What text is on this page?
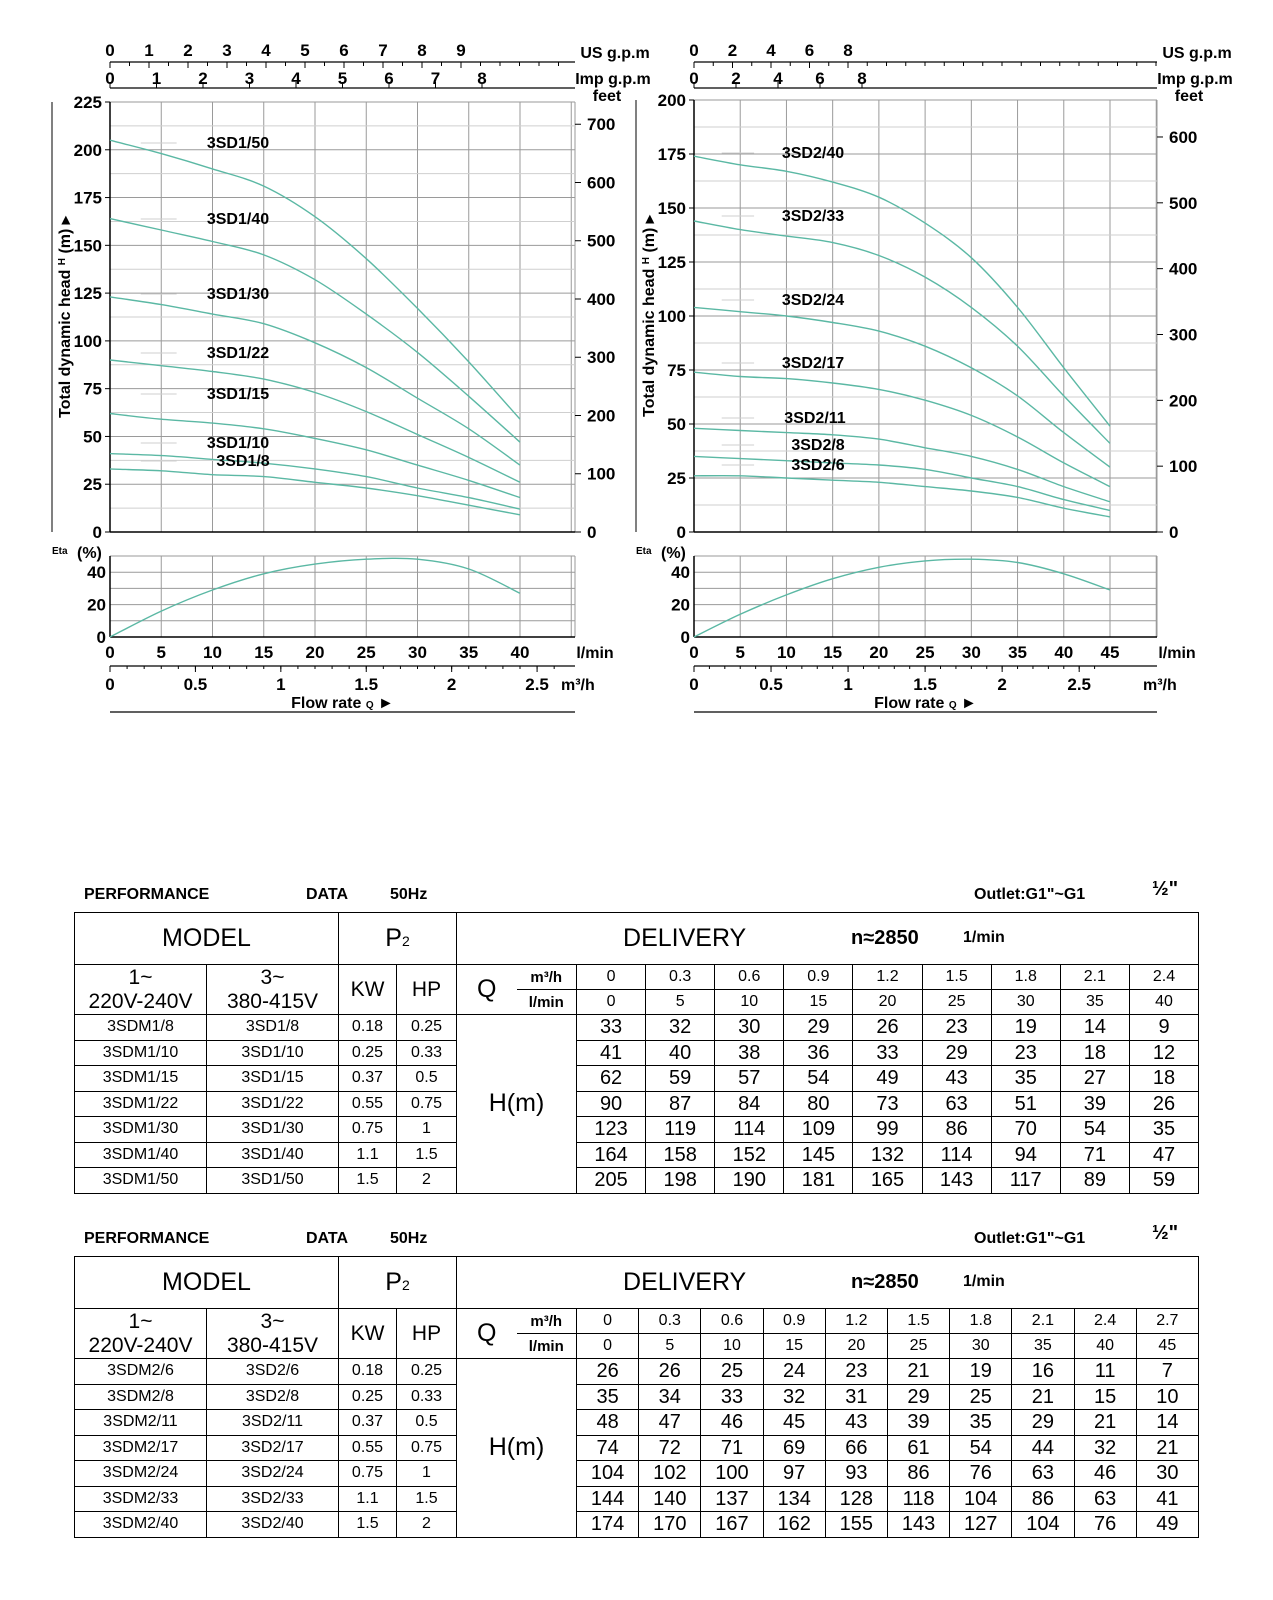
0 1 2 3 4 5 6 7 8 9
0 1 2 3 4 5 6 7 8
US g.p.m
Imp g.p.m
feet
0
25
50
75
100
125
150
175
200
225
0
100
200
300
400
500
600
700
Total dynamic head $^H$ (m) ▸
0
20
40
Eta (%)
0 5 10 15 20 25 30 35 40	l/min
0	0.5	1	1.5	2	2.5 m³/h
Flow rate Q ►
3SD1/50
3SD1/40
3SD1/30
3SD1/22
3SD1/15
3SD1/10
3SD1/8
0 2 4 6 8
0 2 4 6 8
US g.p.m
Imp g.p.m
feet
0
25
50
75
100
125
150
175
200
0
100
200
300
400
500
600
Total dynamic head $^H$ (m) ▸
0
20
40
Eta (%)
0 5 10 15 20 25 30 35 40 45 l/min
0	0.5	1	1.5	2	2.5	m³/h
Flow rate Q ►
3SD2/40
3SD2/33
3SD2/24
3SD2/17
3SD2/11
3SD2/8
3SD2/6
PERFORMANCE	DATA	50Hz	Outlet:G1"~G1	½"
MODEL		P2		DELIVERY n≈2850 1/min										

1~	3~	KW	HP	Q	m³/h	0	0.3	0.6	0.9	1.2	1.5	1.8	2.1	2.4
220V-240V	380-415V				l/min	0	5	10	15	20	25	30	35	40
3SDM1/8	3SD1/8	0.18	0.25	H(m)		33	32	30	29	26	23	19	14	9
3SDM1/10	3SD1/10	0.25	0.33			41	40	38	36	33	29	23	18	12
3SDM1/15	3SD1/15	0.37	0.5			62	59	57	54	49	43	35	27	18
3SDM1/22	3SD1/22	0.55	0.75			90	87	84	80	73	63	51	39	26
3SDM1/30	3SD1/30	0.75	1			123	119	114	109	99	86	70	54	35
3SDM1/40	3SD1/40	1.1	1.5			164	158	152	145	132	114	94	71	47
3SDM1/50	3SD1/50	1.5	2			205	198	190	181	165	143	117	89	59
PERFORMANCE	DATA	50Hz	Outlet:G1"~G1	½"
MODEL		P2		DELIVERY n≈2850 1/min											

1~	3~	KW	HP	Q	m³/h	0	0.3	0.6	0.9	1.2	1.5	1.8	2.1	2.4	2.7
220V-240V	380-415V				l/min	0	5	10	15	20	25	30	35	40	45
3SDM2/6	3SD2/6	0.18	0.25	H(m)		26	26	25	24	23	21	19	16	11	7
3SDM2/8	3SD2/8	0.25	0.33			35	34	33	32	31	29	25	21	15	10
3SDM2/11	3SD2/11	0.37	0.5			48	47	46	45	43	39	35	29	21	14
3SDM2/17	3SD2/17	0.55	0.75			74	72	71	69	66	61	54	44	32	21
3SDM2/24	3SD2/24	0.75	1			104	102	100	97	93	86	76	63	46	30
3SDM2/33	3SD2/33	1.1	1.5			144	140	137	134	128	118	104	86	63	41
3SDM2/40	3SD2/40	1.5	2			174	170	167	162	155	143	127	104	76	49
